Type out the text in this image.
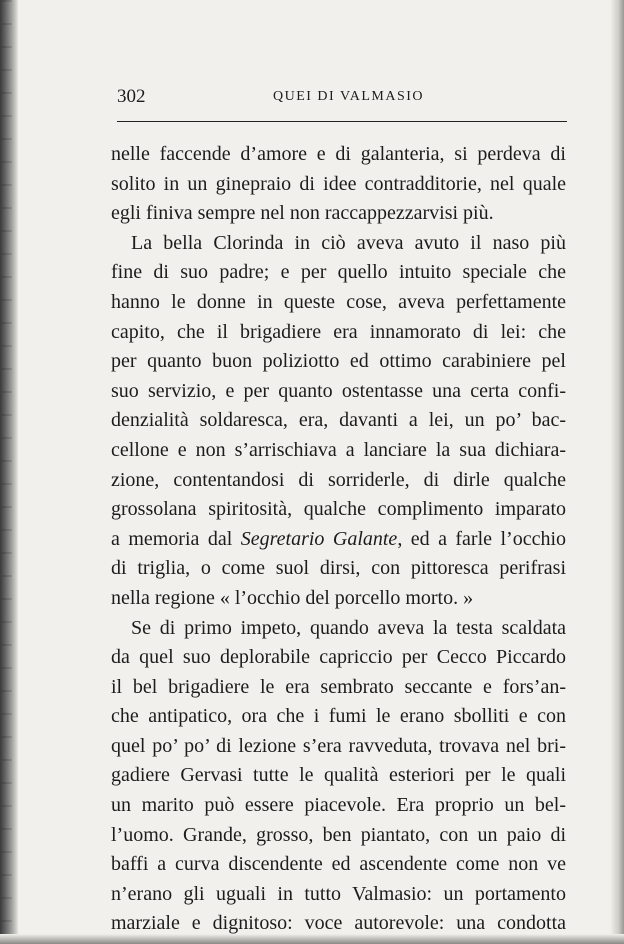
302	QUEI DI VALMASIO
nelle faccende d’amore e di galanteria, si perdeva di
solito in un ginepraio di idee contradditorie, nel quale
egli finiva sempre nel non raccappezzarvisi più.
La bella Clorinda in ciò aveva avuto il naso più
fine di suo padre; e per quello intuito speciale che
hanno le donne in queste cose, aveva perfettamente
capito, che il brigadiere era innamorato di lei: che
per quanto buon poliziotto ed ottimo carabiniere pel
suo servizio, e per quanto ostentasse una certa confi-
denzialità soldaresca, era, davanti a lei, un po’ bac-
cellone e non s’arrischiava a lanciare la sua dichiara-
zione, contentandosi di sorriderle, di dirle qualche
grossolana spiritosità, qualche complimento imparato
a memoria dal Segretario Galante, ed a farle l’occhio
di triglia, o come suol dirsi, con pittoresca perifrasi
nella regione « l’occhio del porcello morto. »
Se di primo impeto, quando aveva la testa scaldata
da quel suo deplorabile capriccio per Cecco Piccardo
il bel brigadiere le era sembrato seccante e fors’an-
che antipatico, ora che i fumi le erano sbolliti e con
quel po’ po’ di lezione s’era ravveduta, trovava nel bri-
gadiere Gervasi tutte le qualità esteriori per le quali
un marito può essere piacevole. Era proprio un bel-
l’uomo. Grande, grosso, ben piantato, con un paio di
baffi a curva discendente ed ascendente come non ve
n’erano gli uguali in tutto Valmasio: un portamento
marziale e dignitoso: voce autorevole: una condotta
